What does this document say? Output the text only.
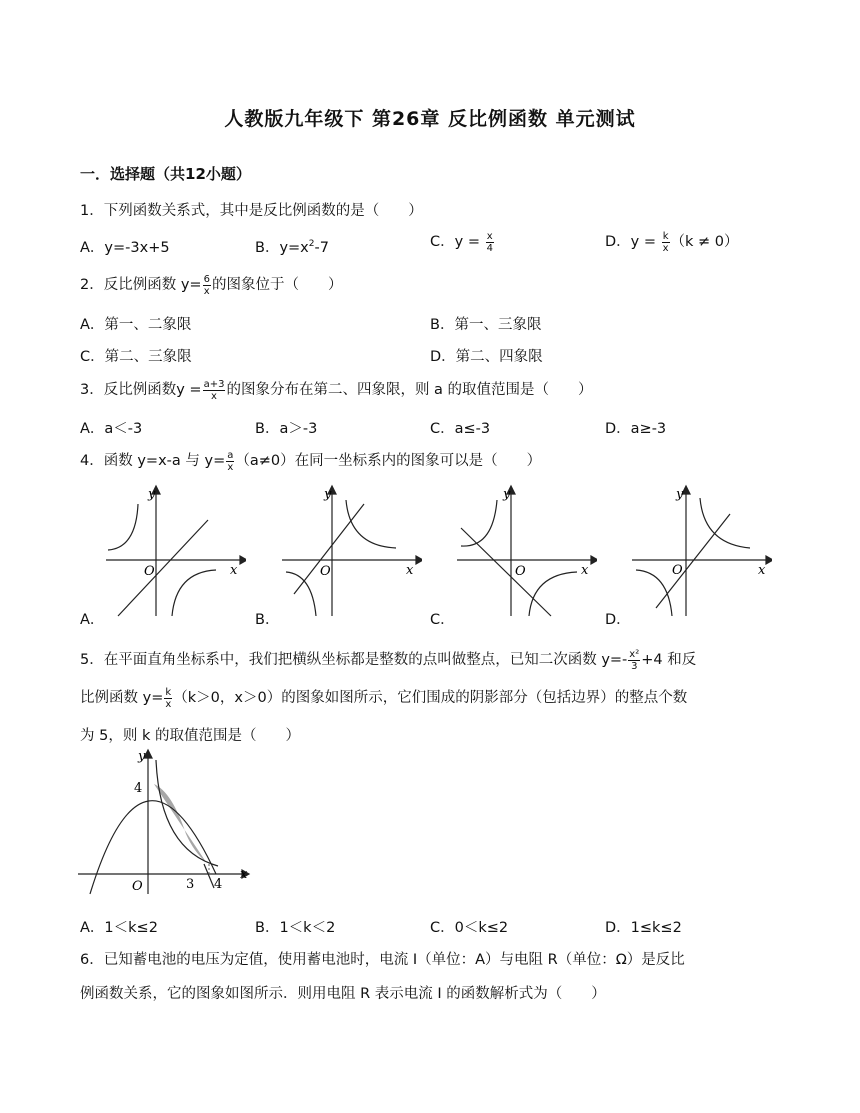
人教版九年级下 第26章 反比例函数 单元测试
一．选择题（共12小题）
1．下列函数关系式，其中是反比例函数的是（　　）
A．y=-3x+5	B．$y=x^2-7$	C．$y = \frac{x}{4}$	D．$y = \frac{k}{x} (k \ne 0)$
2．反比例函数 $y= \frac{6}{x}$ 的图象位于（　　）
A．第一、二象限	B．第一、三象限
C．第二、三象限	D．第二、四象限
3．反比例函数$y = \frac{a+3}{x}$ 的图象分布在第二、四象限，则 a 的取值范围是（　　）
A．a＜-3	B．a＞-3	C．a≤-3	D．a≥-3
4．函数 y=x-a 与 $y= \frac{a}{x} (a\ne 0)$在同一坐标系内的图象可以是（　　）
y
x
O
A．
y
x
O
B．
y
x
O
C．
y
x
O
D．
5．在平面直角坐标系中，我们把横纵坐标都是整数的点叫做整点，已知二次函数 $y=- \frac{\text{x²}}{3} +4$ 和反
比例函数 $y= \frac{k}{x} (k>0$，x＞0）的图象如图所示，它们围成的阴影部分（包括边界）的整点个数
为 5，则 k 的取值范围是（　　）
y
x
O
4
3 4
A．1＜k≤2	B．1＜k＜2	C．0＜k≤2	D．1≤k≤2
6．已知蓄电池的电压为定值，使用蓄电池时，电流 I（单位：A）与电阻 R（单位：Ω）是反比
例函数关系，它的图象如图所示．则用电阻 R 表示电流 I 的函数解析式为（　　）
